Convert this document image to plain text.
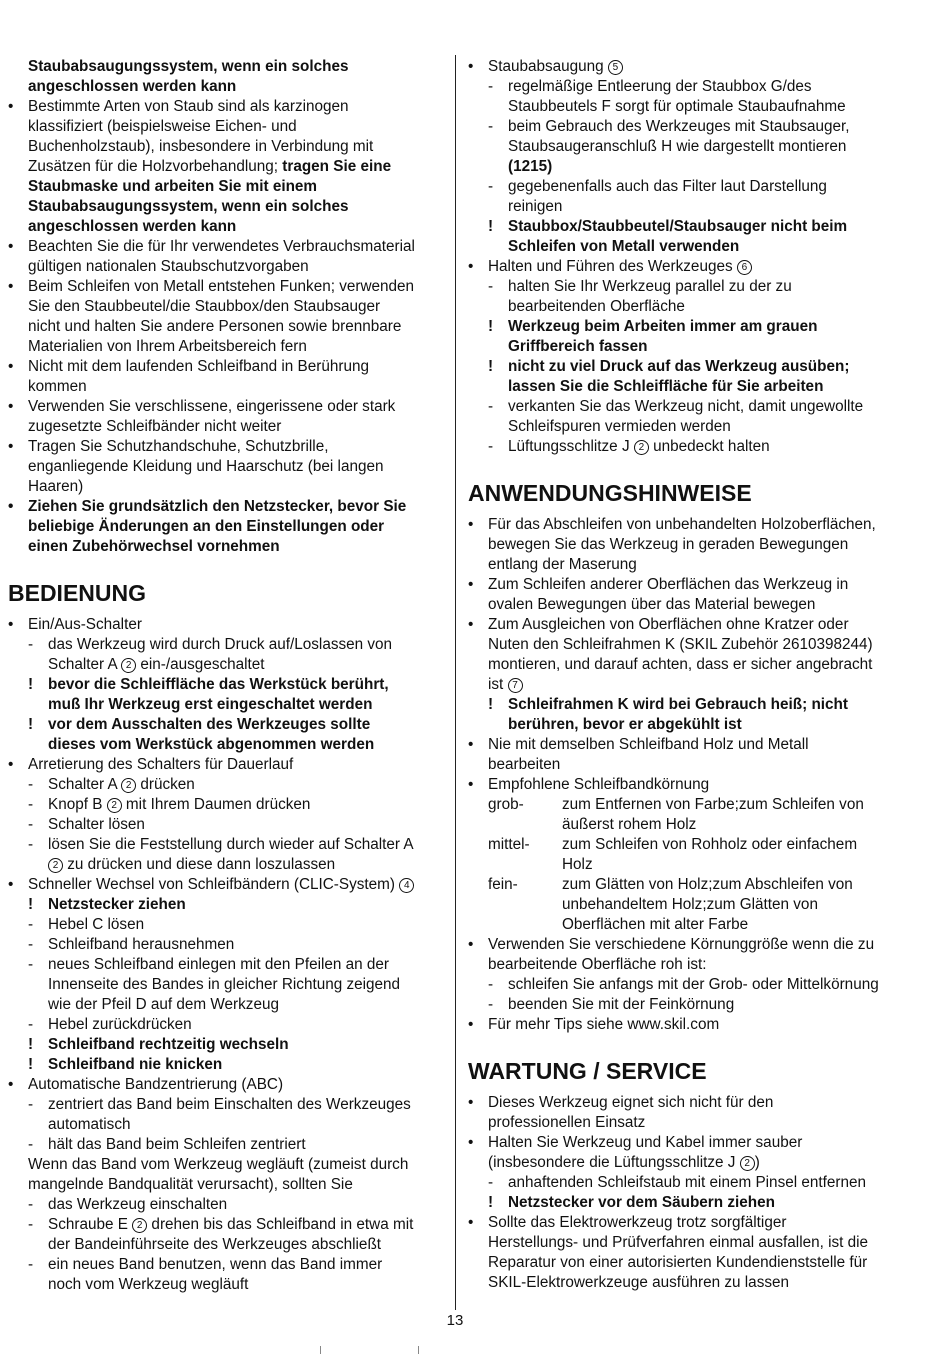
Staubabsaugungssystem, wenn ein solches
angeschlossen werden kann
• Bestimmte Arten von Staub sind als karzinogen
klassifiziert (beispielsweise Eichen- und
Buchenholzstaub), insbesondere in Verbindung mit
Zusätzen für die Holzvorbehandlung; tragen Sie eine
Staubmaske und arbeiten Sie mit einem
Staubabsaugungssystem, wenn ein solches
angeschlossen werden kann
• Beachten Sie die für Ihr verwendetes Verbrauchsmaterial
gültigen nationalen Staubschutzvorgaben
• Beim Schleifen von Metall entstehen Funken; verwenden
Sie den Staubbeutel/die Staubbox/den Staubsauger
nicht und halten Sie andere Personen sowie brennbare
Materialien von Ihrem Arbeitsbereich fern
• Nicht mit dem laufenden Schleifband in Berührung
kommen
• Verwenden Sie verschlissene, eingerissene oder stark
zugesetzte Schleifbänder nicht weiter
• Tragen Sie Schutzhandschuhe, Schutzbrille,
enganliegende Kleidung und Haarschutz (bei langen
Haaren)
• Ziehen Sie grundsätzlich den Netzstecker, bevor Sie
beliebige Änderungen an den Einstellungen oder
einen Zubehörwechsel vornehmen
BEDIENUNG
• Ein/Aus-Schalter
- das Werkzeug wird durch Druck auf/Loslassen von
Schalter A 2 ein-/ausgeschaltet
! bevor die Schleiffläche das Werkstück berührt,
muß Ihr Werkzeug erst eingeschaltet werden
! vor dem Ausschalten des Werkzeuges sollte
dieses vom Werkstück abgenommen werden
• Arretierung des Schalters für Dauerlauf
- Schalter A 2 drücken
- Knopf B 2 mit Ihrem Daumen drücken
- Schalter lösen
- lösen Sie die Feststellung durch wieder auf Schalter A
2 zu drücken und diese dann loszulassen
• Schneller Wechsel von Schleifbändern (CLIC-System) 4
! Netzstecker ziehen
- Hebel C lösen
- Schleifband herausnehmen
- neues Schleifband einlegen mit den Pfeilen an der
Innenseite des Bandes in gleicher Richtung zeigend
wie der Pfeil D auf dem Werkzeug
- Hebel zurückdrücken
! Schleifband rechtzeitig wechseln
! Schleifband nie knicken
• Automatische Bandzentrierung (ABC)
- zentriert das Band beim Einschalten des Werkzeuges
automatisch
- hält das Band beim Schleifen zentriert
Wenn das Band vom Werkzeug wegläuft (zumeist durch
mangelnde Bandqualität verursacht), sollten Sie
- das Werkzeug einschalten
- Schraube E 2 drehen bis das Schleifband in etwa mit
der Bandeinführseite des Werkzeuges abschließt
- ein neues Band benutzen, wenn das Band immer
noch vom Werkzeug wegläuft
• Staubabsaugung 5
- regelmäßige Entleerung der Staubbox G/des
Staubbeutels F sorgt für optimale Staubaufnahme
- beim Gebrauch des Werkzeuges mit Staubsauger,
Staubsaugeranschluß H wie dargestellt montieren
(1215)
- gegebenenfalls auch das Filter laut Darstellung
reinigen
! Staubbox/Staubbeutel/Staubsauger nicht beim
Schleifen von Metall verwenden
• Halten und Führen des Werkzeuges 6
- halten Sie Ihr Werkzeug parallel zu der zu
bearbeitenden Oberfläche
! Werkzeug beim Arbeiten immer am grauen
Griffbereich fassen
! nicht zu viel Druck auf das Werkzeug ausüben;
lassen Sie die Schleiffläche für Sie arbeiten
- verkanten Sie das Werkzeug nicht, damit ungewollte
Schleifspuren vermieden werden
- Lüftungsschlitze J 2 unbedeckt halten
ANWENDUNGSHINWEISE
• Für das Abschleifen von unbehandelten Holzoberflächen,
bewegen Sie das Werkzeug in geraden Bewegungen
entlang der Maserung
• Zum Schleifen anderer Oberflächen das Werkzeug in
ovalen Bewegungen über das Material bewegen
• Zum Ausgleichen von Oberflächen ohne Kratzer oder
Nuten den Schleifrahmen K (SKIL Zubehör 2610398244)
montieren, und darauf achten, dass er sicher angebracht
ist 7
! Schleifrahmen K wird bei Gebrauch heiß; nicht
berühren, bevor er abgekühlt ist
• Nie mit demselben Schleifband Holz und Metall
bearbeiten
• Empfohlene Schleifbandkörnung
grob-	zum Entfernen von Farbe;zum Schleifen von
äußerst rohem Holz
mittel- zum Schleifen von Rohholz oder einfachem
Holz
fein-	zum Glätten von Holz;zum Abschleifen von
unbehandeltem Holz;zum Glätten von
Oberflächen mit alter Farbe
• Verwenden Sie verschiedene Körnunggröße wenn die zu
bearbeitende Oberfläche roh ist:
- schleifen Sie anfangs mit der Grob- oder Mittelkörnung
- beenden Sie mit der Feinkörnung
• Für mehr Tips siehe www.skil.com
WARTUNG / SERVICE
• Dieses Werkzeug eignet sich nicht für den
professionellen Einsatz
• Halten Sie Werkzeug und Kabel immer sauber
(insbesondere die Lüftungsschlitze J 2 )
- anhaftenden Schleifstaub mit einem Pinsel entfernen
! Netzstecker vor dem Säubern ziehen
• Sollte das Elektrowerkzeug trotz sorgfältiger
Herstellungs- und Prüfverfahren einmal ausfallen, ist die
Reparatur von einer autorisierten Kundendienststelle für
SKIL-Elektrowerkzeuge ausführen zu lassen
13
